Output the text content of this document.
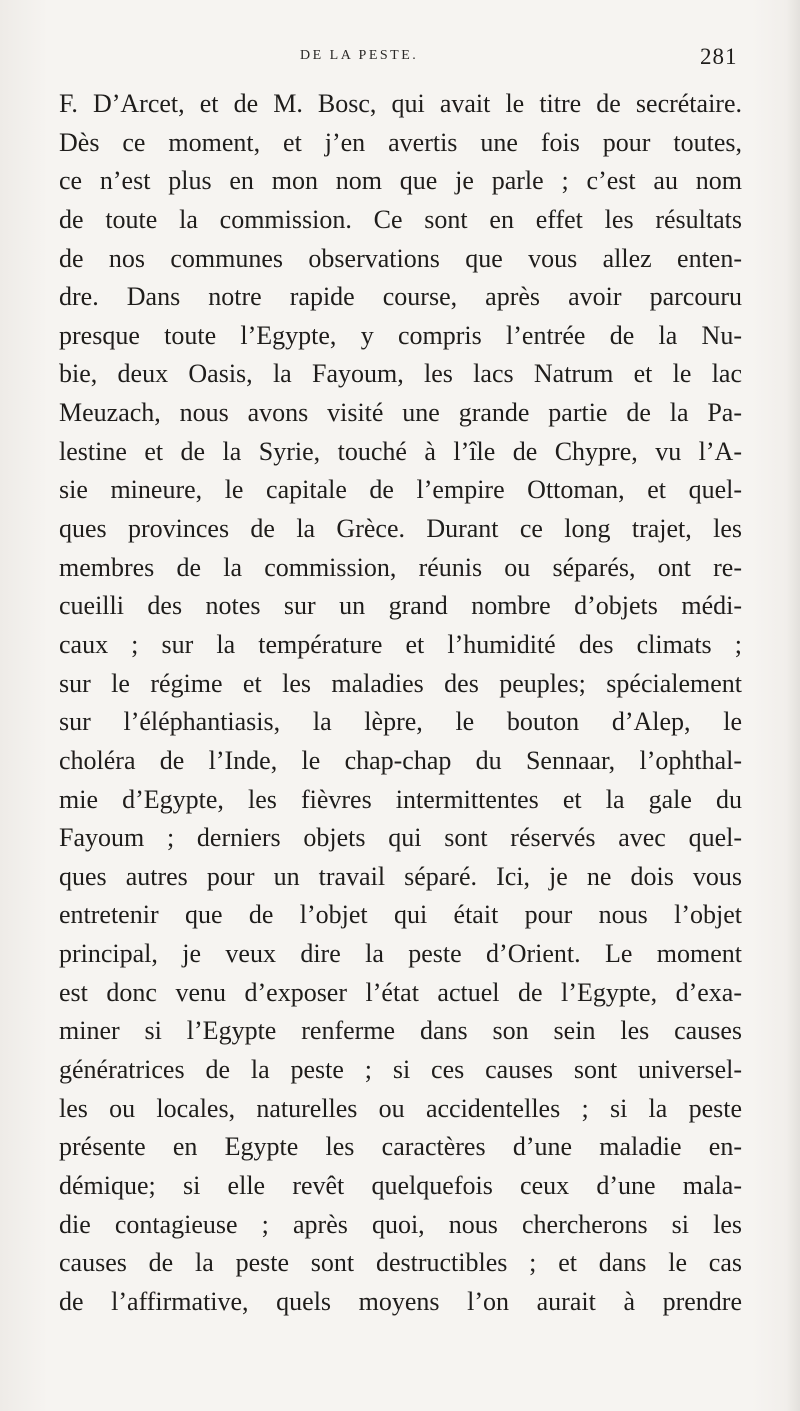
DE LA PESTE.	281
F. D’Arcet, et de M. Bosc, qui avait le titre de secrétaire.
Dès ce moment, et j’en avertis une fois pour toutes,
ce n’est plus en mon nom que je parle ; c’est au nom
de toute la commission. Ce sont en effet les résultats
de nos communes observations que vous allez enten-
dre. Dans notre rapide course, après avoir parcouru
presque toute l’Egypte, y compris l’entrée de la Nu-
bie, deux Oasis, la Fayoum, les lacs Natrum et le lac
Meuzach, nous avons visité une grande partie de la Pa-
lestine et de la Syrie, touché à l’île de Chypre, vu l’A-
sie mineure, le capitale de l’empire Ottoman, et quel-
ques provinces de la Grèce. Durant ce long trajet, les
membres de la commission, réunis ou séparés, ont re-
cueilli des notes sur un grand nombre d’objets médi-
caux ; sur la température et l’humidité des climats ;
sur le régime et les maladies des peuples; spécialement
sur l’éléphantiasis, la lèpre, le bouton d’Alep, le
choléra de l’Inde, le chap-chap du Sennaar, l’ophthal-
mie d’Egypte, les fièvres intermittentes et la gale du
Fayoum ; derniers objets qui sont réservés avec quel-
ques autres pour un travail séparé. Ici, je ne dois vous
entretenir que de l’objet qui était pour nous l’objet
principal, je veux dire la peste d’Orient. Le moment
est donc venu d’exposer l’état actuel de l’Egypte, d’exa-
miner si l’Egypte renferme dans son sein les causes
génératrices de la peste ; si ces causes sont universel-
les ou locales, naturelles ou accidentelles ; si la peste
présente en Egypte les caractères d’une maladie en-
démique; si elle revêt quelquefois ceux d’une mala-
die contagieuse ; après quoi, nous chercherons si les
causes de la peste sont destructibles ; et dans le cas
de l’affirmative, quels moyens l’on aurait à prendre
